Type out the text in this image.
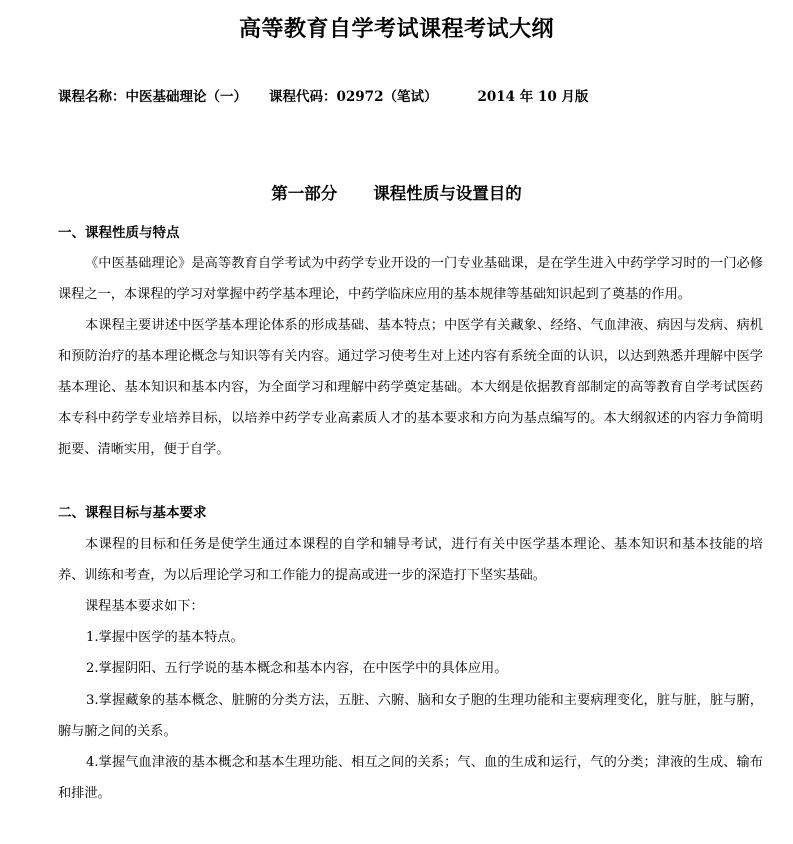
高等教育自学考试课程考试大纲
课程名称：中医基础理论（一） 课程代码：02972（笔试）	2014 年 10 月版
第一部分 课程性质与设置目的
一、课程性质与特点

《中医基础理论》是高等教育自学考试为中药学专业开设的一门专业基础课，是在学生进入中药学学习时的一门必修课程之一，本课程的学习对掌握中药学基本理论，中药学临床应用的基本规律等基础知识起到了奠基的作用。

本课程主要讲述中医学基本理论体系的形成基础、基本特点；中医学有关藏象、经络、气血津液、病因与发病、病机和预防治疗的基本理论概念与知识等有关内容。通过学习使考生对上述内容有系统全面的认识，以达到熟悉并理解中医学基本理论、基本知识和基本内容，为全面学习和理解中药学奠定基础。本大纲是依据教育部制定的高等教育自学考试医药本专科中药学专业培养目标，以培养中药学专业高素质人才的基本要求和方向为基点编写的。本大纲叙述的内容力争简明扼要、清晰实用，便于自学。

二、课程目标与基本要求

本课程的目标和任务是使学生通过本课程的自学和辅导考试，进行有关中医学基本理论、基本知识和基本技能的培养、训练和考查，为以后理论学习和工作能力的提高或进一步的深造打下坚实基础。

课程基本要求如下：

1.掌握中医学的基本特点。

2.掌握阴阳、五行学说的基本概念和基本内容，在中医学中的具体应用。

3.掌握藏象的基本概念、脏腑的分类方法，五脏、六腑、脑和女子胞的生理功能和主要病理变化，脏与脏，脏与腑，腑与腑之间的关系。

4.掌握气血津液的基本概念和基本生理功能、相互之间的关系；气、血的生成和运行，气的分类；津液的生成、输布和排泄。
